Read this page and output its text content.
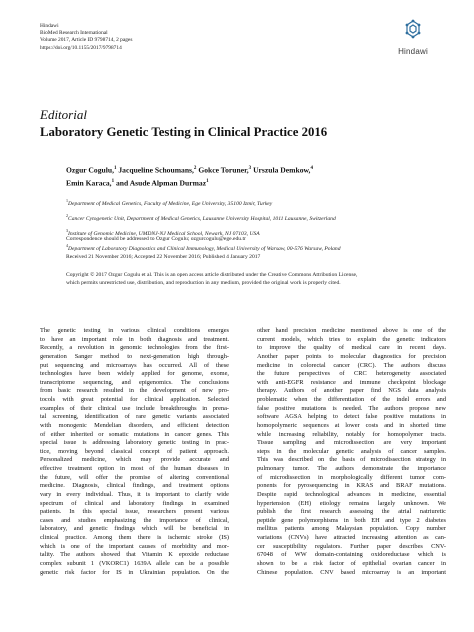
Hindawi
BioMed Research International
Volume 2017, Article ID 9798714, 2 pages
https://doi.org/10.1155/2017/9798714	Hindawi
Editorial
Laboratory Genetic Testing in Clinical Practice 2016
Ozgur Cogulu,$^1$ Jacqueline Schoumans,$^2$ Gokce Toruner,$^3$ Urszula Demkow,$^4$
Emin Karaca,$^1$ and Asude Alpman Durmaz$^1$
$^1$Department of Medical Genetics, Faculty of Medicine, Ege University, 35100 Izmir, Turkey
$^2$Cancer Cytogenetic Unit, Department of Medical Genetics, Lausanne University Hospital, 1011 Lausanne, Switzerland
$^3$Institute of Genomic Medicine, UMDNJ-NJ Medical School, Newark, NJ 07103, USA
$^4$Department of Laboratory Diagnostics and Clinical Immunology, Medical University of Warsaw, 00-576 Warsaw, Poland
Correspondence should be addressed to Ozgur Cogulu; ozgurcogulu@ege.edu.tr
Received 21 November 2016; Accepted 22 November 2016; Published 4 January 2017
Copyright © 2017 Ozgur Cogulu et al. This is an open access article distributed under the Creative Commons Attribution License,
which permits unrestricted use, distribution, and reproduction in any medium, provided the original work is properly cited.
The genetic testing in various clinical conditions emerges
to have an important role in both diagnosis and treatment.
Recently, a revolution in genomic technologies from the first-
generation Sanger method to next-generation high through-
put sequencing and microarrays has occurred. All of these
technologies have been widely applied for genome, exome,
transcriptome sequencing, and epigenomics. The conclusions
from basic research resulted in the development of new pro-
tocols with great potential for clinical application. Selected
examples of their clinical use include breakthroughs in prena-
tal screening, identification of rare genetic variants associated
with monogenic Mendelian disorders, and efficient detection
of either inherited or somatic mutations in cancer genes. This
special issue is addressing laboratory genetic testing in prac-
tice, moving beyond classical concept of patient approach.
Personalized medicine, which may provide accurate and
effective treatment option in most of the human diseases in
the future, will offer the promise of altering conventional
medicine. Diagnosis, clinical findings, and treatment options
vary in every individual. Thus, it is important to clarify wide
spectrum of clinical and laboratory findings in examined
patients. In this special issue, researchers present various
cases and studies emphasizing the importance of clinical,
laboratory, and genetic findings which will be beneficial in
clinical practice. Among them there is ischemic stroke (IS)
which is one of the important causes of morbidity and mor-
tality. The authors showed that Vitamin K epoxide reductase
complex subunit 1 (VKORC1) 1639A allele can be a possible
genetic risk factor for IS in Ukrainian population. On the
other hand precision medicine mentioned above is one of the
current models, which tries to explain the genetic indicators
to improve the quality of medical care in recent days.
Another paper points to molecular diagnostics for precision
medicine in colorectal cancer (CRC). The authors discuss
the future perspectives of CRC heterogeneity associated
with anti-EGFR resistance and immune checkpoint blockage
therapy. Authors of another paper find NGS data analysis
problematic when the differentiation of the indel errors and
false positive mutations is needed. The authors propose new
software AGSA helping to detect false positive mutations in
homopolymeric sequences at lower costs and in shorted time
while increasing reliability, notably for homopolymer tracts.
Tissue sampling and microdissection are very important
steps in the molecular genetic analysis of cancer samples.
This was described on the basis of microdissection strategy in
pulmonary tumor. The authors demonstrate the importance
of microdissection in morphologically different tumor com-
ponents for pyrosequencing in KRAS and BRAF mutations.
Despite rapid technological advances in medicine, essential
hypertension (EH) etiology remains largely unknown. We
publish the first research assessing the atrial natriuretic
peptide gene polymorphisms in both EH and type 2 diabetes
mellitus patients among Malaysian population. Copy number
variations (CNVs) have attracted increasing attention as can-
cer susceptibility regulators. Further paper describes CNV-
67048 of WW domain-containing oxidoreductase which is
shown to be a risk factor of epithelial ovarian cancer in
Chinese population. CNV based microarray is an important
